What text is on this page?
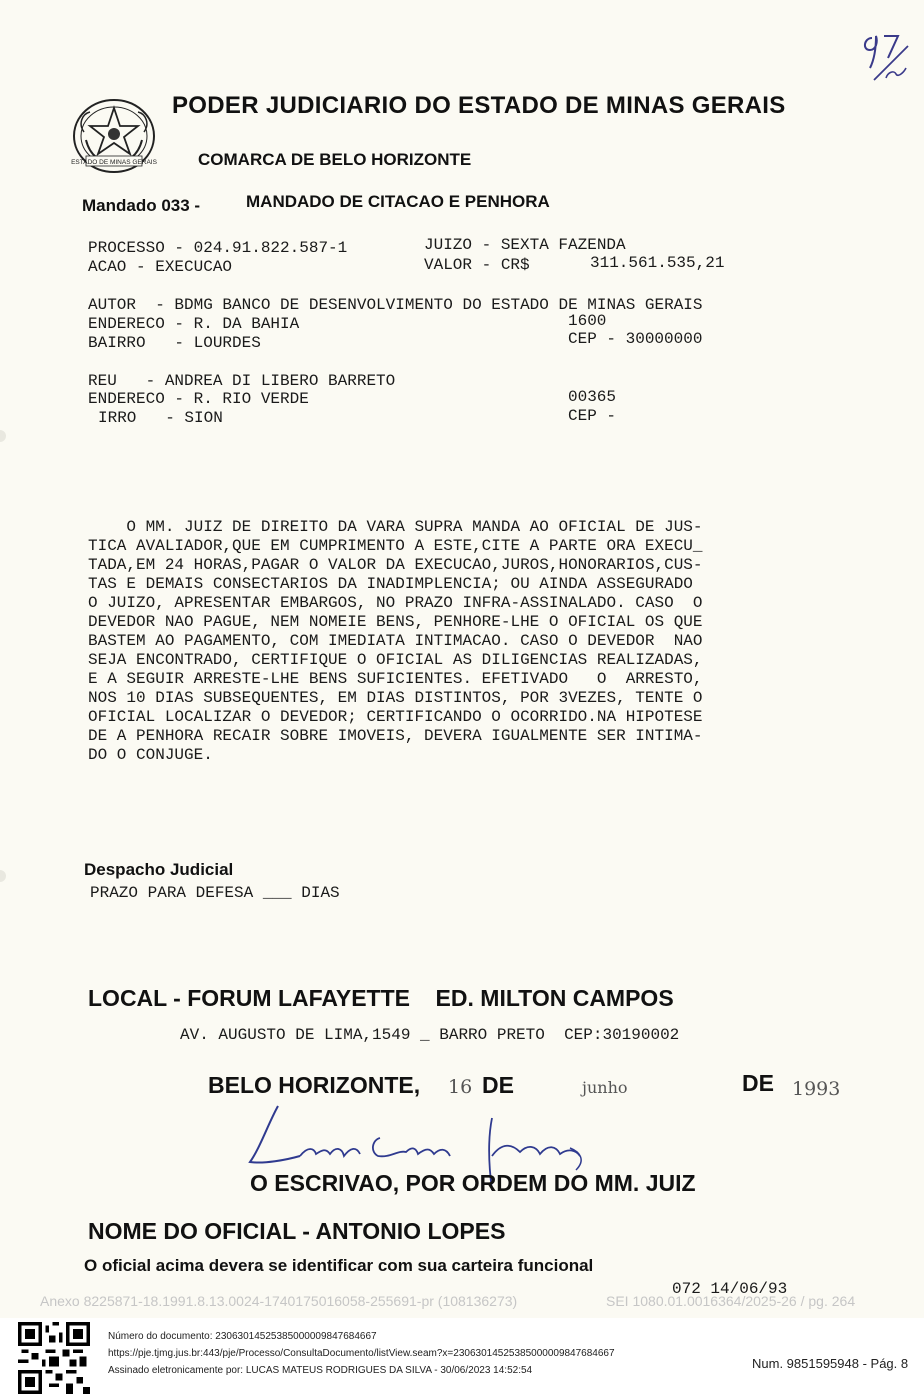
ESTADO DE MINAS GERAIS
PODER JUDICIARIO DO ESTADO DE MINAS GERAIS
COMARCA DE BELO HORIZONTE
Mandado 033 -	MANDADO DE CITACAO E PENHORA
PROCESSO - 024.91.822.587-1	JUIZO - SEXTA FAZENDA
ACAO - EXECUCAO	VALOR - CR$	311.561.535,21
AUTOR  - BDMG BANCO DE DESENVOLVIMENTO DO ESTADO DE MINAS GERAIS
ENDERECO - R. DA BAHIA	1600
BAIRRO   - LOURDES	CEP - 30000000
REU   - ANDREA DI LIBERO BARRETO
ENDERECO - R. RIO VERDE	00365
IRRO   - SION	CEP -
O MM. JUIZ DE DIREITO DA VARA SUPRA MANDA AO OFICIAL DE JUS-
TICA AVALIADOR,QUE EM CUMPRIMENTO A ESTE,CITE A PARTE ORA EXECU_
TADA,EM 24 HORAS,PAGAR O VALOR DA EXECUCAO,JUROS,HONORARIOS,CUS-
TAS E DEMAIS CONSECTARIOS DA INADIMPLENCIA; OU AINDA ASSEGURADO
O JUIZO, APRESENTAR EMBARGOS, NO PRAZO INFRA-ASSINALADO. CASO  O
DEVEDOR NAO PAGUE, NEM NOMEIE BENS, PENHORE-LHE O OFICIAL OS QUE
BASTEM AO PAGAMENTO, COM IMEDIATA INTIMACAO. CASO O DEVEDOR  NAO
SEJA ENCONTRADO, CERTIFIQUE O OFICIAL AS DILIGENCIAS REALIZADAS,
E A SEGUIR ARRESTE-LHE BENS SUFICIENTES. EFETIVADO   O  ARRESTO,
NOS 10 DIAS SUBSEQUENTES, EM DIAS DISTINTOS, POR 3VEZES, TENTE O
OFICIAL LOCALIZAR O DEVEDOR; CERTIFICANDO O OCORRIDO.NA HIPOTESE
DE A PENHORA RECAIR SOBRE IMOVEIS, DEVERA IGUALMENTE SER INTIMA-
DO O CONJUGE.
Despacho Judicial
PRAZO PARA DEFESA ___ DIAS
LOCAL - FORUM LAFAYETTE    ED. MILTON CAMPOS
AV. AUGUSTO DE LIMA,1549 _ BARRO PRETO  CEP:30190002
BELO HORIZONTE, 16 DE	junho	DE 1993
Lucília Elias Menezes
O ESCRIVAO, POR ORDEM DO MM. JUIZ
NOME DO OFICIAL - ANTONIO LOPES
O oficial acima devera se identificar com sua carteira funcional
072 14/06/93
Anexo 8225871-18.1991.8.13.0024-1740175016058-255691-pr (108136273)	SEI 1080.01.0016364/2025-26 / pg. 264
Número do documento: 23063014525385000009847684667
https://pje.tjmg.jus.br:443/pje/Processo/ConsultaDocumento/listView.seam?x=23063014525385000009847684667
Assinado eletronicamente por: LUCAS MATEUS RODRIGUES DA SILVA - 30/06/2023 14:52:54	Num. 9851595948 - Pág. 8
